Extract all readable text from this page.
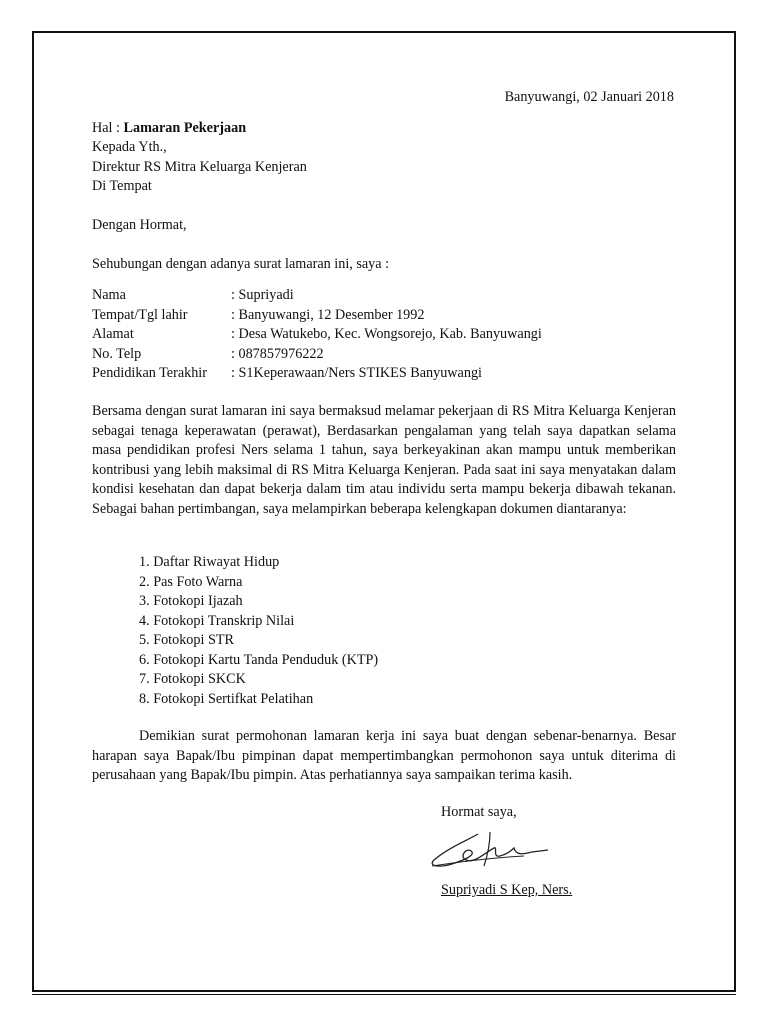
Banyuwangi, 02 Januari 2018
Hal : Lamaran Pekerjaan
Kepada Yth.,
Direktur RS Mitra Keluarga Kenjeran
Di Tempat
Dengan Hormat,
Sehubungan dengan adanya surat lamaran ini, saya :
Nama	: Supriyadi
Tempat/Tgl lahir	: Banyuwangi, 12 Desember 1992
Alamat	: Desa Watukebo, Kec. Wongsorejo, Kab. Banyuwangi
No. Telp	: 087857976222
Pendidikan Terakhir	: S1Keperawaan/Ners STIKES Banyuwangi
Bersama dengan surat lamaran ini saya bermaksud melamar pekerjaan di RS Mitra Keluarga Kenjeran sebagai tenaga keperawatan (perawat), Berdasarkan pengalaman yang telah saya dapatkan selama masa pendidikan profesi Ners selama 1 tahun, saya berkeyakinan akan mampu untuk memberikan kontribusi yang lebih maksimal di RS Mitra Keluarga Kenjeran. Pada saat ini saya menyatakan dalam kondisi kesehatan dan dapat bekerja dalam tim atau individu serta mampu bekerja dibawah tekanan. Sebagai bahan pertimbangan, saya melampirkan beberapa kelengkapan dokumen diantaranya:
1. Daftar Riwayat Hidup
2. Pas Foto Warna
3. Fotokopi Ijazah
4. Fotokopi Transkrip Nilai
5. Fotokopi STR
6. Fotokopi Kartu Tanda Penduduk (KTP)
7. Fotokopi SKCK
8. Fotokopi Sertifkat Pelatihan
Demikian surat permohonan lamaran kerja ini saya buat dengan sebenar-benarnya. Besar harapan saya Bapak/Ibu pimpinan dapat mempertimbangkan permohonon saya untuk diterima di perusahaan yang Bapak/Ibu pimpin. Atas perhatiannya saya sampaikan terima kasih.
Hormat saya,
Supriyadi S Kep, Ners.
